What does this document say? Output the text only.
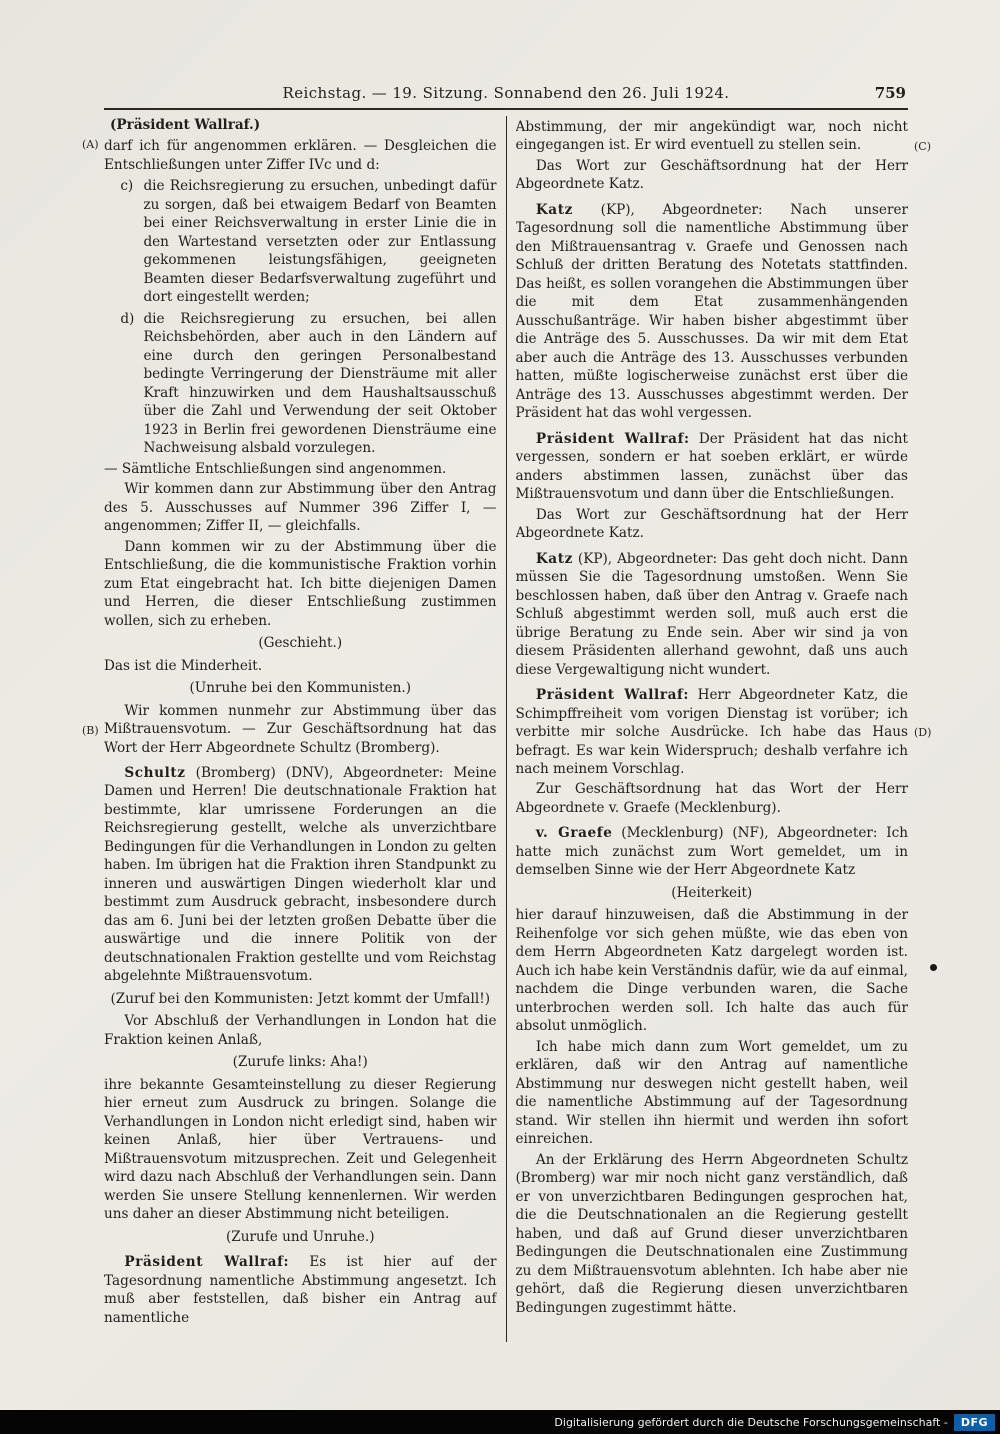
Reichstag. — 19. Sitzung. Sonnabend den 26. Juli 1924.	759
(Präsident Wallraf.)
darf ich für angenommen erklären. — Desgleichen die Entschließungen unter Ziffer IVc und d:
c) die Reichsregierung zu ersuchen, unbedingt dafür zu sorgen, daß bei etwaigem Bedarf von Beamten bei einer Reichsverwaltung in erster Linie die in den Wartestand versetzten oder zur Entlassung gekommenen leistungsfähigen, geeigneten Beamten dieser Bedarfsverwaltung zugeführt und dort eingestellt werden;
d) die Reichsregierung zu ersuchen, bei allen Reichsbehörden, aber auch in den Ländern auf eine durch den geringen Personalbestand bedingte Verringerung der Diensträume mit aller Kraft hinzuwirken und dem Haushaltsausschuß über die Zahl und Verwendung der seit Oktober 1923 in Berlin frei gewordenen Diensträume eine Nachweisung alsbald vorzulegen.
— Sämtliche Entschließungen sind angenommen.
Wir kommen dann zur Abstimmung über den Antrag des 5. Ausschusses auf Nummer 396 Ziffer I, — angenommen; Ziffer II, — gleichfalls.
Dann kommen wir zu der Abstimmung über die Entschließung, die die kommunistische Fraktion vorhin zum Etat eingebracht hat. Ich bitte diejenigen Damen und Herren, die dieser Entschließung zustimmen wollen, sich zu erheben.
(Geschieht.)
Das ist die Minderheit.
(Unruhe bei den Kommunisten.)
Wir kommen nunmehr zur Abstimmung über das Mißtrauensvotum. — Zur Geschäftsordnung hat das Wort der Herr Abgeordnete Schultz (Bromberg).
Schultz (Bromberg) (DNV), Abgeordneter: Meine Damen und Herren! Die deutschnationale Fraktion hat bestimmte, klar umrissene Forderungen an die Reichsregierung gestellt, welche als unverzichtbare Bedingungen für die Verhandlungen in London zu gelten haben. Im übrigen hat die Fraktion ihren Standpunkt zu inneren und auswärtigen Dingen wiederholt klar und bestimmt zum Ausdruck gebracht, insbesondere durch das am 6. Juni bei der letzten großen Debatte über die auswärtige und die innere Politik von der deutschnationalen Fraktion gestellte und vom Reichstag abgelehnte Mißtrauensvotum.
(Zuruf bei den Kommunisten: Jetzt kommt der Umfall!)
Vor Abschluß der Verhandlungen in London hat die Fraktion keinen Anlaß,
(Zurufe links: Aha!)
ihre bekannte Gesamteinstellung zu dieser Regierung hier erneut zum Ausdruck zu bringen. Solange die Verhandlungen in London nicht erledigt sind, haben wir keinen Anlaß, hier über Vertrauens- und Mißtrauensvotum mitzusprechen. Zeit und Gelegenheit wird dazu nach Abschluß der Verhandlungen sein. Dann werden Sie unsere Stellung kennenlernen. Wir werden uns daher an dieser Abstimmung nicht beteiligen.
(Zurufe und Unruhe.)
Präsident Wallraf: Es ist hier auf der Tagesordnung namentliche Abstimmung angesetzt. Ich muß aber feststellen, daß bisher ein Antrag auf namentliche
Abstimmung, der mir angekündigt war, noch nicht eingegangen ist. Er wird eventuell zu stellen sein.
Das Wort zur Geschäftsordnung hat der Herr Abgeordnete Katz.
Katz (KP), Abgeordneter: Nach unserer Tagesordnung soll die namentliche Abstimmung über den Mißtrauensantrag v. Graefe und Genossen nach Schluß der dritten Beratung des Notetats stattfinden. Das heißt, es sollen vorangehen die Abstimmungen über die mit dem Etat zusammenhängenden Ausschußanträge. Wir haben bisher abgestimmt über die Anträge des 5. Ausschusses. Da wir mit dem Etat aber auch die Anträge des 13. Ausschusses verbunden hatten, müßte logischerweise zunächst erst über die Anträge des 13. Ausschusses abgestimmt werden. Der Präsident hat das wohl vergessen.
Präsident Wallraf: Der Präsident hat das nicht vergessen, sondern er hat soeben erklärt, er würde anders abstimmen lassen, zunächst über das Mißtrauensvotum und dann über die Entschließungen.
Das Wort zur Geschäftsordnung hat der Herr Abgeordnete Katz.
Katz (KP), Abgeordneter: Das geht doch nicht. Dann müssen Sie die Tagesordnung umstoßen. Wenn Sie beschlossen haben, daß über den Antrag v. Graefe nach Schluß abgestimmt werden soll, muß auch erst die übrige Beratung zu Ende sein. Aber wir sind ja von diesem Präsidenten allerhand gewohnt, daß uns auch diese Vergewaltigung nicht wundert.
Präsident Wallraf: Herr Abgeordneter Katz, die Schimpffreiheit vom vorigen Dienstag ist vorüber; ich verbitte mir solche Ausdrücke. Ich habe das Haus befragt. Es war kein Widerspruch; deshalb verfahre ich nach meinem Vorschlag.
Zur Geschäftsordnung hat das Wort der Herr Abgeordnete v. Graefe (Mecklenburg).
v. Graefe (Mecklenburg) (NF), Abgeordneter: Ich hatte mich zunächst zum Wort gemeldet, um in demselben Sinne wie der Herr Abgeordnete Katz
(Heiterkeit)
hier darauf hinzuweisen, daß die Abstimmung in der Reihenfolge vor sich gehen müßte, wie das eben von dem Herrn Abgeordneten Katz dargelegt worden ist. Auch ich habe kein Verständnis dafür, wie da auf einmal, nachdem die Dinge verbunden waren, die Sache unterbrochen werden soll. Ich halte das auch für absolut unmöglich.
Ich habe mich dann zum Wort gemeldet, um zu erklären, daß wir den Antrag auf namentliche Abstimmung nur deswegen nicht gestellt haben, weil die namentliche Abstimmung auf der Tagesordnung stand. Wir stellen ihn hiermit und werden ihn sofort einreichen.
An der Erklärung des Herrn Abgeordneten Schultz (Bromberg) war mir noch nicht ganz verständlich, daß er von unverzichtbaren Bedingungen gesprochen hat, die die Deutschnationalen an die Regierung gestellt haben, und daß auf Grund dieser unverzichtbaren Bedingungen die Deutschnationalen eine Zustimmung zu dem Mißtrauensvotum ablehnten. Ich habe aber nie gehört, daß die Regierung diesen unverzichtbaren Bedingungen zugestimmt hätte.
(A)
(B)
(C)
(D)
Digitalisierung gefördert durch die Deutsche Forschungsgemeinschaft -	DFG
